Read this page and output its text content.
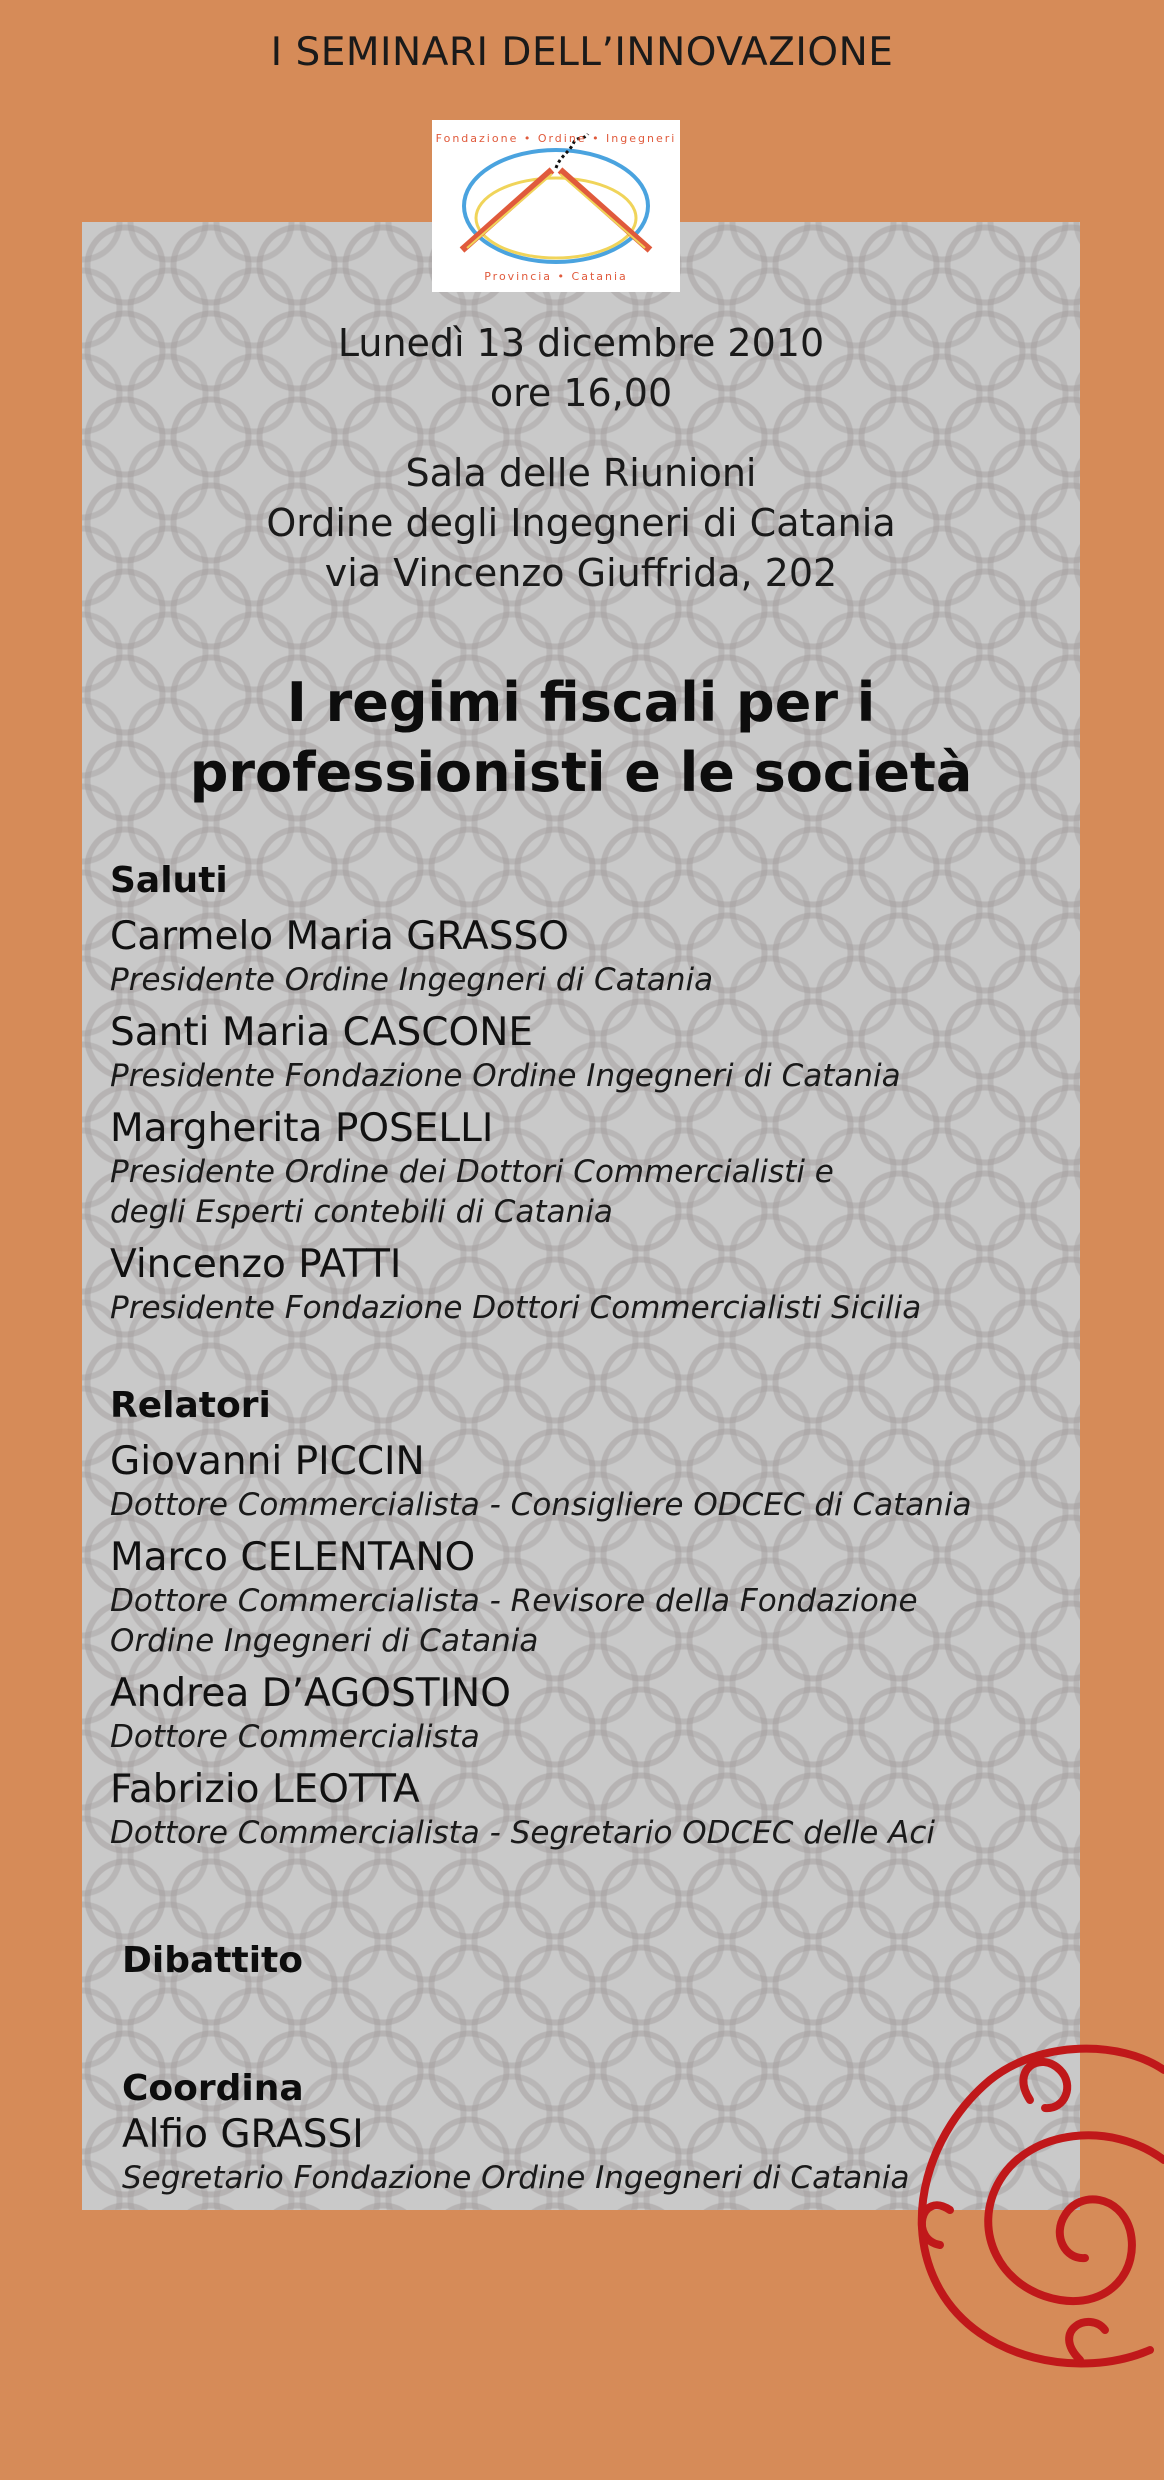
I SEMINARI DELL’INNOVAZIONE
Fondazione • Ordine • Ingegneri
Provincia • Catania
Lunedì 13 dicembre 2010
ore 16,00
Sala delle Riunioni
Ordine degli Ingegneri di Catania
via Vincenzo Giuffrida, 202
I regimi fiscali per i
professionisti e le società
Saluti
Carmelo Maria GRASSO
Presidente Ordine Ingegneri di Catania
Santi Maria CASCONE
Presidente Fondazione Ordine Ingegneri di Catania
Margherita POSELLI
Presidente Ordine dei Dottori Commercialisti e
degli Esperti contebili di Catania
Vincenzo PATTI
Presidente Fondazione Dottori Commercialisti Sicilia
Relatori
Giovanni PICCIN
Dottore Commercialista - Consigliere ODCEC di Catania
Marco CELENTANO
Dottore Commercialista - Revisore della Fondazione
Ordine Ingegneri di Catania
Andrea D’AGOSTINO
Dottore Commercialista
Fabrizio LEOTTA
Dottore Commercialista - Segretario ODCEC delle Aci
Dibattito
Coordina
Alfio GRASSI
Segretario Fondazione Ordine Ingegneri di Catania
